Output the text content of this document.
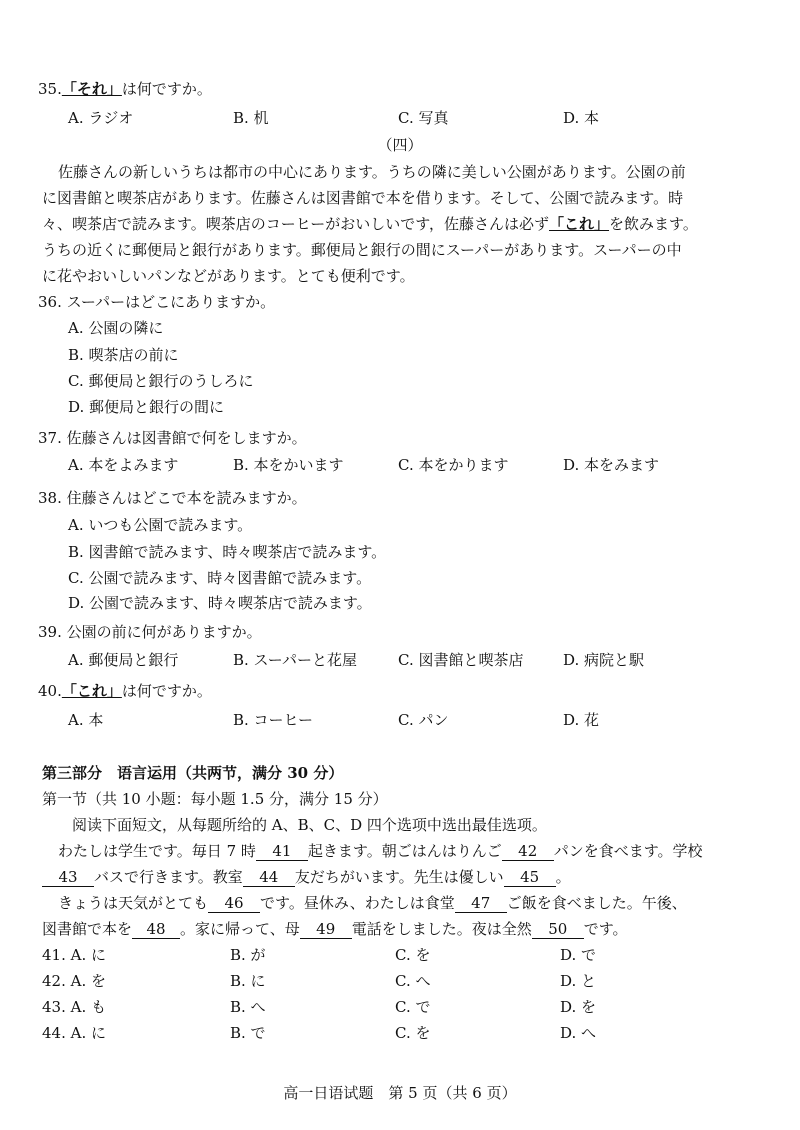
35.「それ」は何ですか。
A. ラジオ	B. 机	C. 写真	D. 本
（四）
佐藤さんの新しいうちは都市の中心にあります。うちの隣に美しい公園があります。公園の前
に図書館と喫茶店があります。佐藤さんは図書館で本を借ります。そして、公園で読みます。時
々、喫茶店で読みます。喫茶店のコーヒーがおいしいです，佐藤さんは必ず「これ」を飲みます。
うちの近くに郵便局と銀行があります。郵便局と銀行の間にスーパーがあります。スーパーの中
に花やおいしいパンなどがあります。とても便利です。
36. スーパーはどこにありますか。
A. 公園の隣に
B. 喫茶店の前に
C. 郵便局と銀行のうしろに
D. 郵便局と銀行の間に
37. 佐藤さんは図書館で何をしますか。
A. 本をよみます	B. 本をかいます	C. 本をかります	D. 本をみます
38. 住藤さんはどこで本を読みますか。
A. いつも公園で読みます。
B. 図書館で読みます、時々喫茶店で読みます。
C. 公園で読みます、時々図書館で読みます。
D. 公園で読みます、時々喫茶店で読みます。
39. 公園の前に何がありますか。
A. 郵便局と銀行	B. スーパーと花屋	C. 図書館と喫茶店	D. 病院と駅
40.「これ」は何ですか。
A. 本	B. コーヒー	C. パン	D. 花
第三部分　语言运用（共两节，满分 30 分）
第一节（共 10 小题：每小题 1.5 分，满分 15 分）
阅读下面短文，从每题所给的 A、B、C、D 四个选项中选出最佳选项。
わたしは学生です。毎日 7 時 41 起きます。朝ごはんはりんご 42 パンを食べます。学校
43 バスで行きます。教室 44 友だちがいます。先生は優しい 45 。
きょうは天気がとても 46 です。昼休み、わたしは食堂 47 ご飯を食べました。午後、
図書館で本を 48 。家に帰って、母 49 電話をしました。夜は全然 50 です。
41. A. に	B. が	C. を	D. で
42. A. を	B. に	C. へ	D. と
43. A. も	B. へ	C. で	D. を
44. A. に	B. で	C. を	D. へ
高一日语试题　第 5 页（共 6 页）
